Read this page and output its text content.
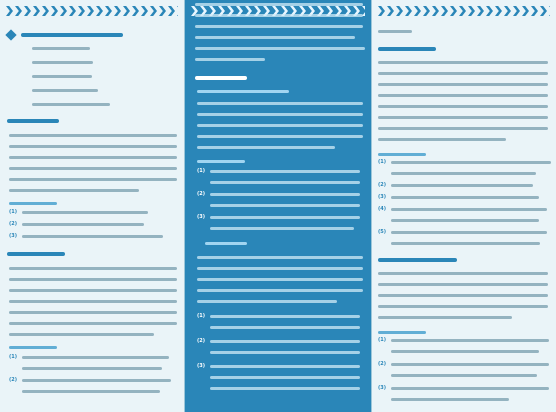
(1)
(2)
(3)
(1)
(2)
(1)
(2)
(3)
(1)
(2)
(3)
(1)
(2)
(3)
(4)
(5)
(1)
(2)
(3)
